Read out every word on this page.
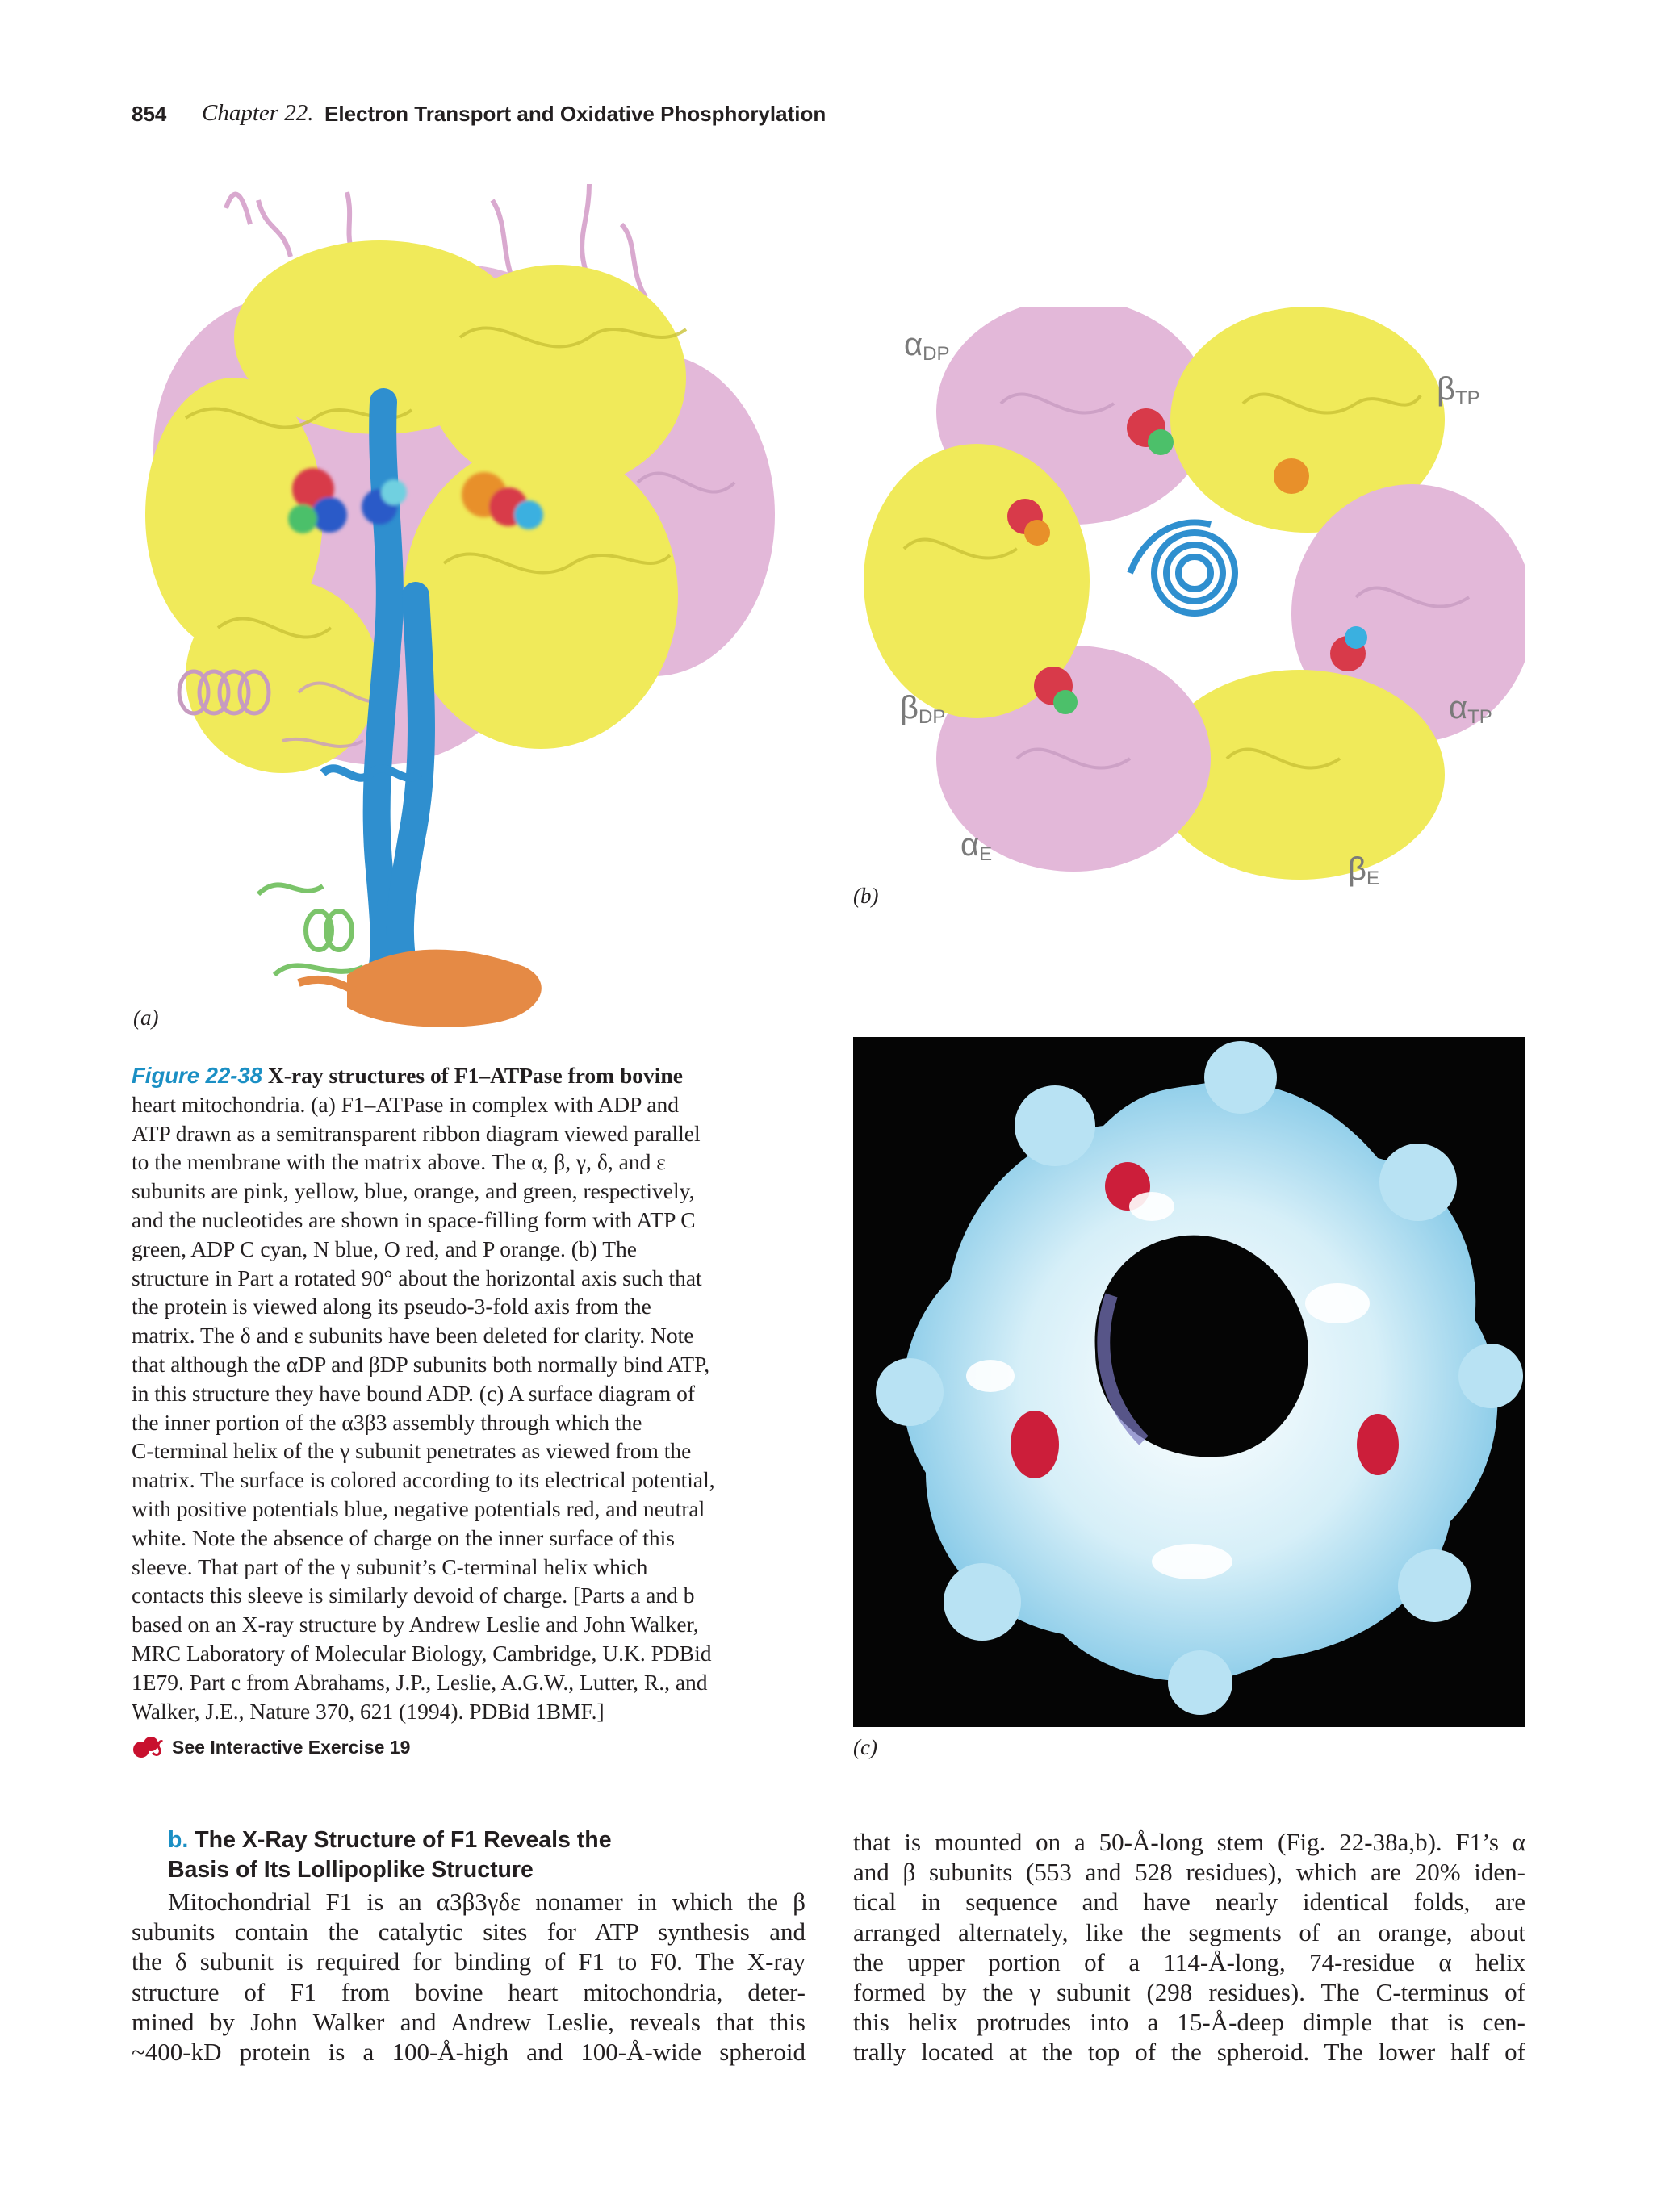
854 Chapter 22. Electron Transport and Oxidative Phosphorylation
αDP
βTP
βDP	αTP
αE	βE
(a)
(b)
(c)
Figure 22-38 X-ray structures of F1–ATPase from bovine
heart mitochondria. (a) F1–ATPase in complex with ADP and
ATP drawn as a semitransparent ribbon diagram viewed parallel
to the membrane with the matrix above. The α, β, γ, δ, and ε
subunits are pink, yellow, blue, orange, and green, respectively,
and the nucleotides are shown in space-filling form with ATP C
green, ADP C cyan, N blue, O red, and P orange. (b) The
structure in Part a rotated 90° about the horizontal axis such that
the protein is viewed along its pseudo-3-fold axis from the
matrix. The δ and ε subunits have been deleted for clarity. Note
that although the αDP and βDP subunits both normally bind ATP,
in this structure they have bound ADP. (c) A surface diagram of
the inner portion of the α3β3 assembly through which the
C-terminal helix of the γ subunit penetrates as viewed from the
matrix. The surface is colored according to its electrical potential,
with positive potentials blue, negative potentials red, and neutral
white. Note the absence of charge on the inner surface of this
sleeve. That part of the γ subunit’s C-terminal helix which
contacts this sleeve is similarly devoid of charge. [Parts a and b
based on an X-ray structure by Andrew Leslie and John Walker,
MRC Laboratory of Molecular Biology, Cambridge, U.K. PDBid
1E79. Part c from Abrahams, J.P., Leslie, A.G.W., Lutter, R., and
Walker, J.E., Nature 370, 621 (1994). PDBid 1BMF.]
See Interactive Exercise 19
b. The X-Ray Structure of F1 Reveals the
Basis of Its Lollipoplike Structure
Mitochondrial F1 is an α3β3γδε nonamer in which the β
subunits contain the catalytic sites for ATP synthesis and
the δ subunit is required for binding of F1 to F0. The X-ray
structure of F1 from bovine heart mitochondria, deter-
mined by John Walker and Andrew Leslie, reveals that this
~400-kD protein is a 100-Å-high and 100-Å-wide spheroid
that is mounted on a 50-Å-long stem (Fig. 22-38a,b). F1’s α
and β subunits (553 and 528 residues), which are 20% iden-
tical in sequence and have nearly identical folds, are
arranged alternately, like the segments of an orange, about
the upper portion of a 114-Å-long, 74-residue α helix
formed by the γ subunit (298 residues). The C-terminus of
this helix protrudes into a 15-Å-deep dimple that is cen-
trally located at the top of the spheroid. The lower half of
